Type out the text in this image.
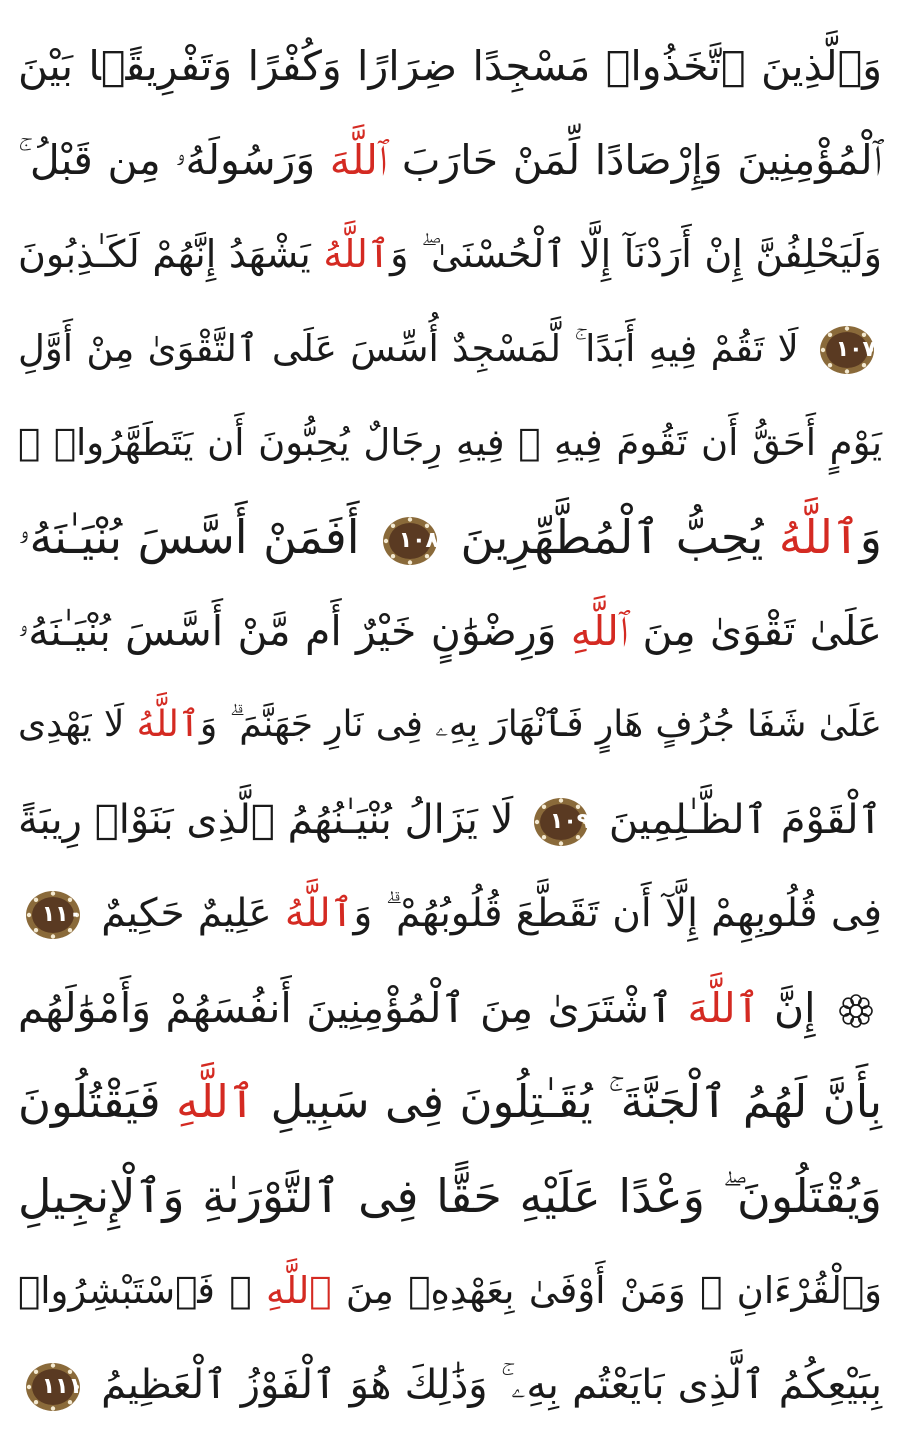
وَٱلَّذِينَ ٱتَّخَذُوا۟ مَسْجِدًا ضِرَارًا وَكُفْرًا وَتَفْرِيقًۢا بَيْنَ
ٱلْمُؤْمِنِينَ وَإِرْصَادًا لِّمَنْ حَارَبَ ٱللَّهَ وَرَسُولَهُۥ مِن قَبْلُ ۚ
وَلَيَحْلِفُنَّ إِنْ أَرَدْنَآ إِلَّا ٱلْحُسْنَىٰ ۖ وَٱللَّهُ يَشْهَدُ إِنَّهُمْ لَكَـٰذِبُونَ
١٠٧
لَا تَقُمْ فِيهِ أَبَدًا ۚ لَّمَسْجِدٌ أُسِّسَ عَلَى ٱلتَّقْوَىٰ مِنْ أَوَّلِ
يَوْمٍ أَحَقُّ أَن تَقُومَ فِيهِ ۚ فِيهِ رِجَالٌ يُحِبُّونَ أَن يَتَطَهَّرُوا۟ ۚ
وَٱللَّهُ يُحِبُّ ٱلْمُطَّهِّرِينَ
١٠٨
أَفَمَنْ أَسَّسَ بُنْيَـٰنَهُۥ
عَلَىٰ تَقْوَىٰ مِنَ ٱللَّهِ وَرِضْوَٰنٍ خَيْرٌ أَم مَّنْ أَسَّسَ بُنْيَـٰنَهُۥ
عَلَىٰ شَفَا جُرُفٍ هَارٍ فَٱنْهَارَ بِهِۦ فِى نَارِ جَهَنَّمَ ۗ وَٱللَّهُ لَا يَهْدِى
ٱلْقَوْمَ ٱلظَّـٰلِمِينَ
١٠٩
لَا يَزَالُ بُنْيَـٰنُهُمُ ٱلَّذِى بَنَوْا۟ رِيبَةً
فِى قُلُوبِهِمْ إِلَّآ أَن تَقَطَّعَ قُلُوبُهُمْ ۗ وَٱللَّهُ عَلِيمٌ حَكِيمٌ
١١٠
إِنَّ ٱللَّهَ ٱشْتَرَىٰ مِنَ ٱلْمُؤْمِنِينَ أَنفُسَهُمْ وَأَمْوَٰلَهُم
بِأَنَّ لَهُمُ ٱلْجَنَّةَ ۚ يُقَـٰتِلُونَ فِى سَبِيلِ ٱللَّهِ فَيَقْتُلُونَ
وَيُقْتَلُونَ ۖ وَعْدًا عَلَيْهِ حَقًّا فِى ٱلتَّوْرَىٰةِ وَٱلْإِنجِيلِ
وَٱلْقُرْءَانِ ۚ وَمَنْ أَوْفَىٰ بِعَهْدِهِۦ مِنَ ٱللَّهِ ۚ فَٱسْتَبْشِرُوا۟
بِبَيْعِكُمُ ٱلَّذِى بَايَعْتُم بِهِۦ ۚ وَذَٰلِكَ هُوَ ٱلْفَوْزُ ٱلْعَظِيمُ
١١١
